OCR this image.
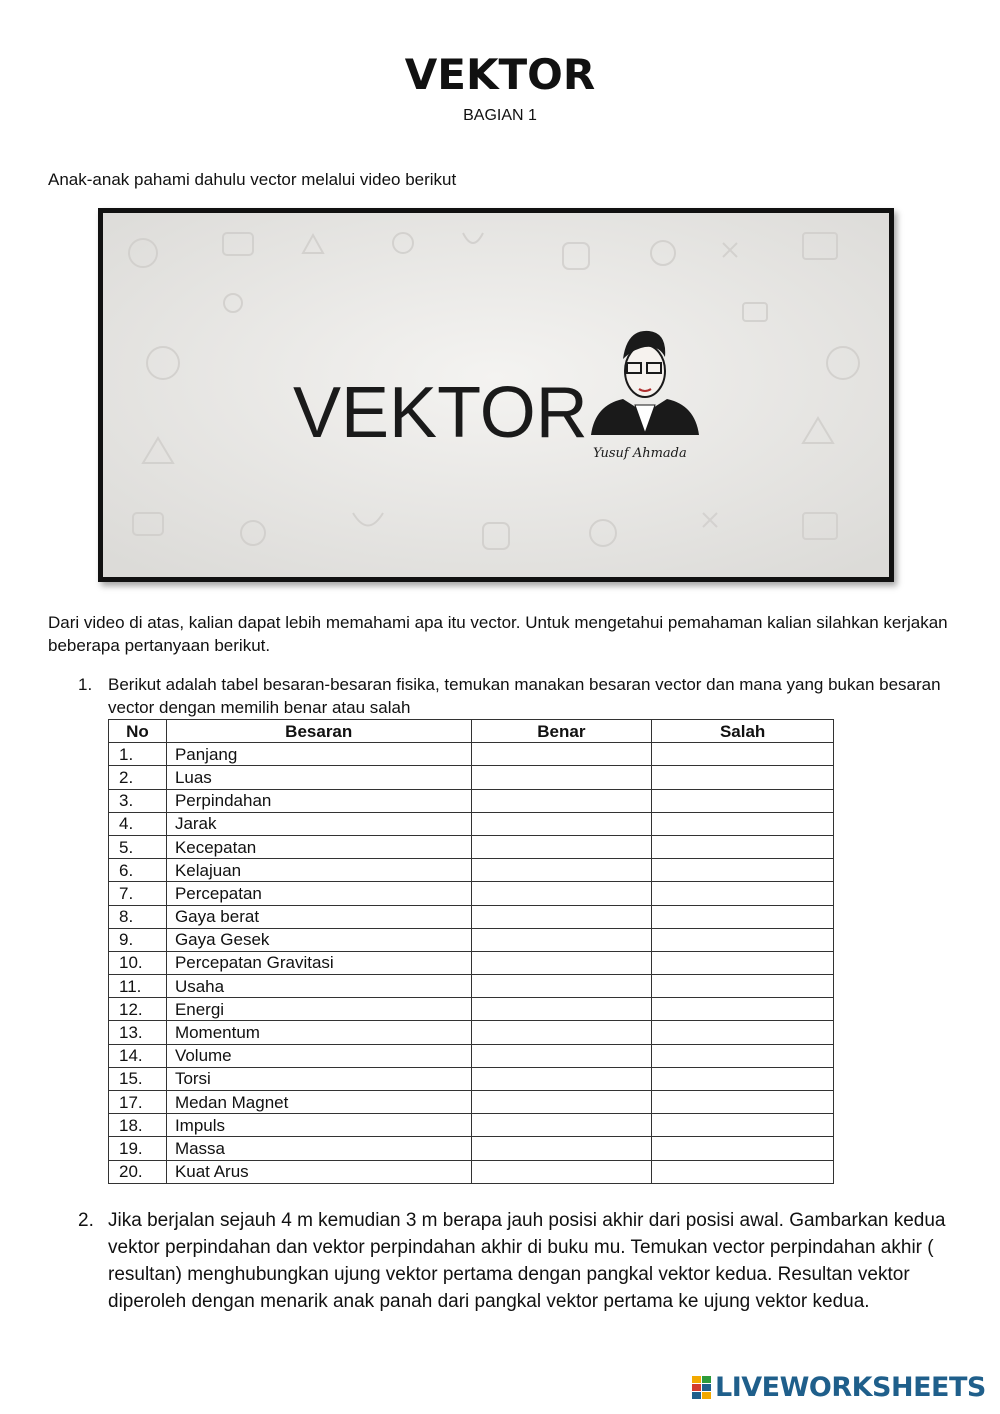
VEKTOR
BAGIAN 1
Anak-anak pahami dahulu vector melalui video berikut
VEKTOR
Yusuf Ahmada
Dari video di atas, kalian dapat lebih memahami apa itu vector. Untuk mengetahui pemahaman kalian silahkan kerjakan beberapa pertanyaan berikut.
1. Berikut adalah tabel besaran-besaran fisika, temukan manakan besaran vector dan mana yang bukan besaran vector dengan memilih benar atau salah
No	Besaran	Benar	Salah
1.	Panjang		
2.	Luas		
3.	Perpindahan		
4.	Jarak		
5.	Kecepatan		
6.	Kelajuan		
7.	Percepatan		
8.	Gaya berat		
9.	Gaya Gesek		
10.	Percepatan Gravitasi		
11.	Usaha		
12.	Energi		
13.	Momentum		
14.	Volume		
15.	Torsi		
17.	Medan Magnet		
18.	Impuls		
19.	Massa		
20.	Kuat Arus		
2. Jika berjalan sejauh 4 m kemudian 3 m berapa jauh posisi akhir dari posisi awal. Gambarkan kedua vektor perpindahan dan vektor perpindahan akhir di buku mu. Temukan vector perpindahan akhir ( resultan) menghubungkan ujung vektor pertama dengan pangkal vektor kedua. Resultan vektor diperoleh dengan menarik anak panah dari pangkal vektor pertama ke ujung vektor kedua.
LIVEWORKSHEETS
